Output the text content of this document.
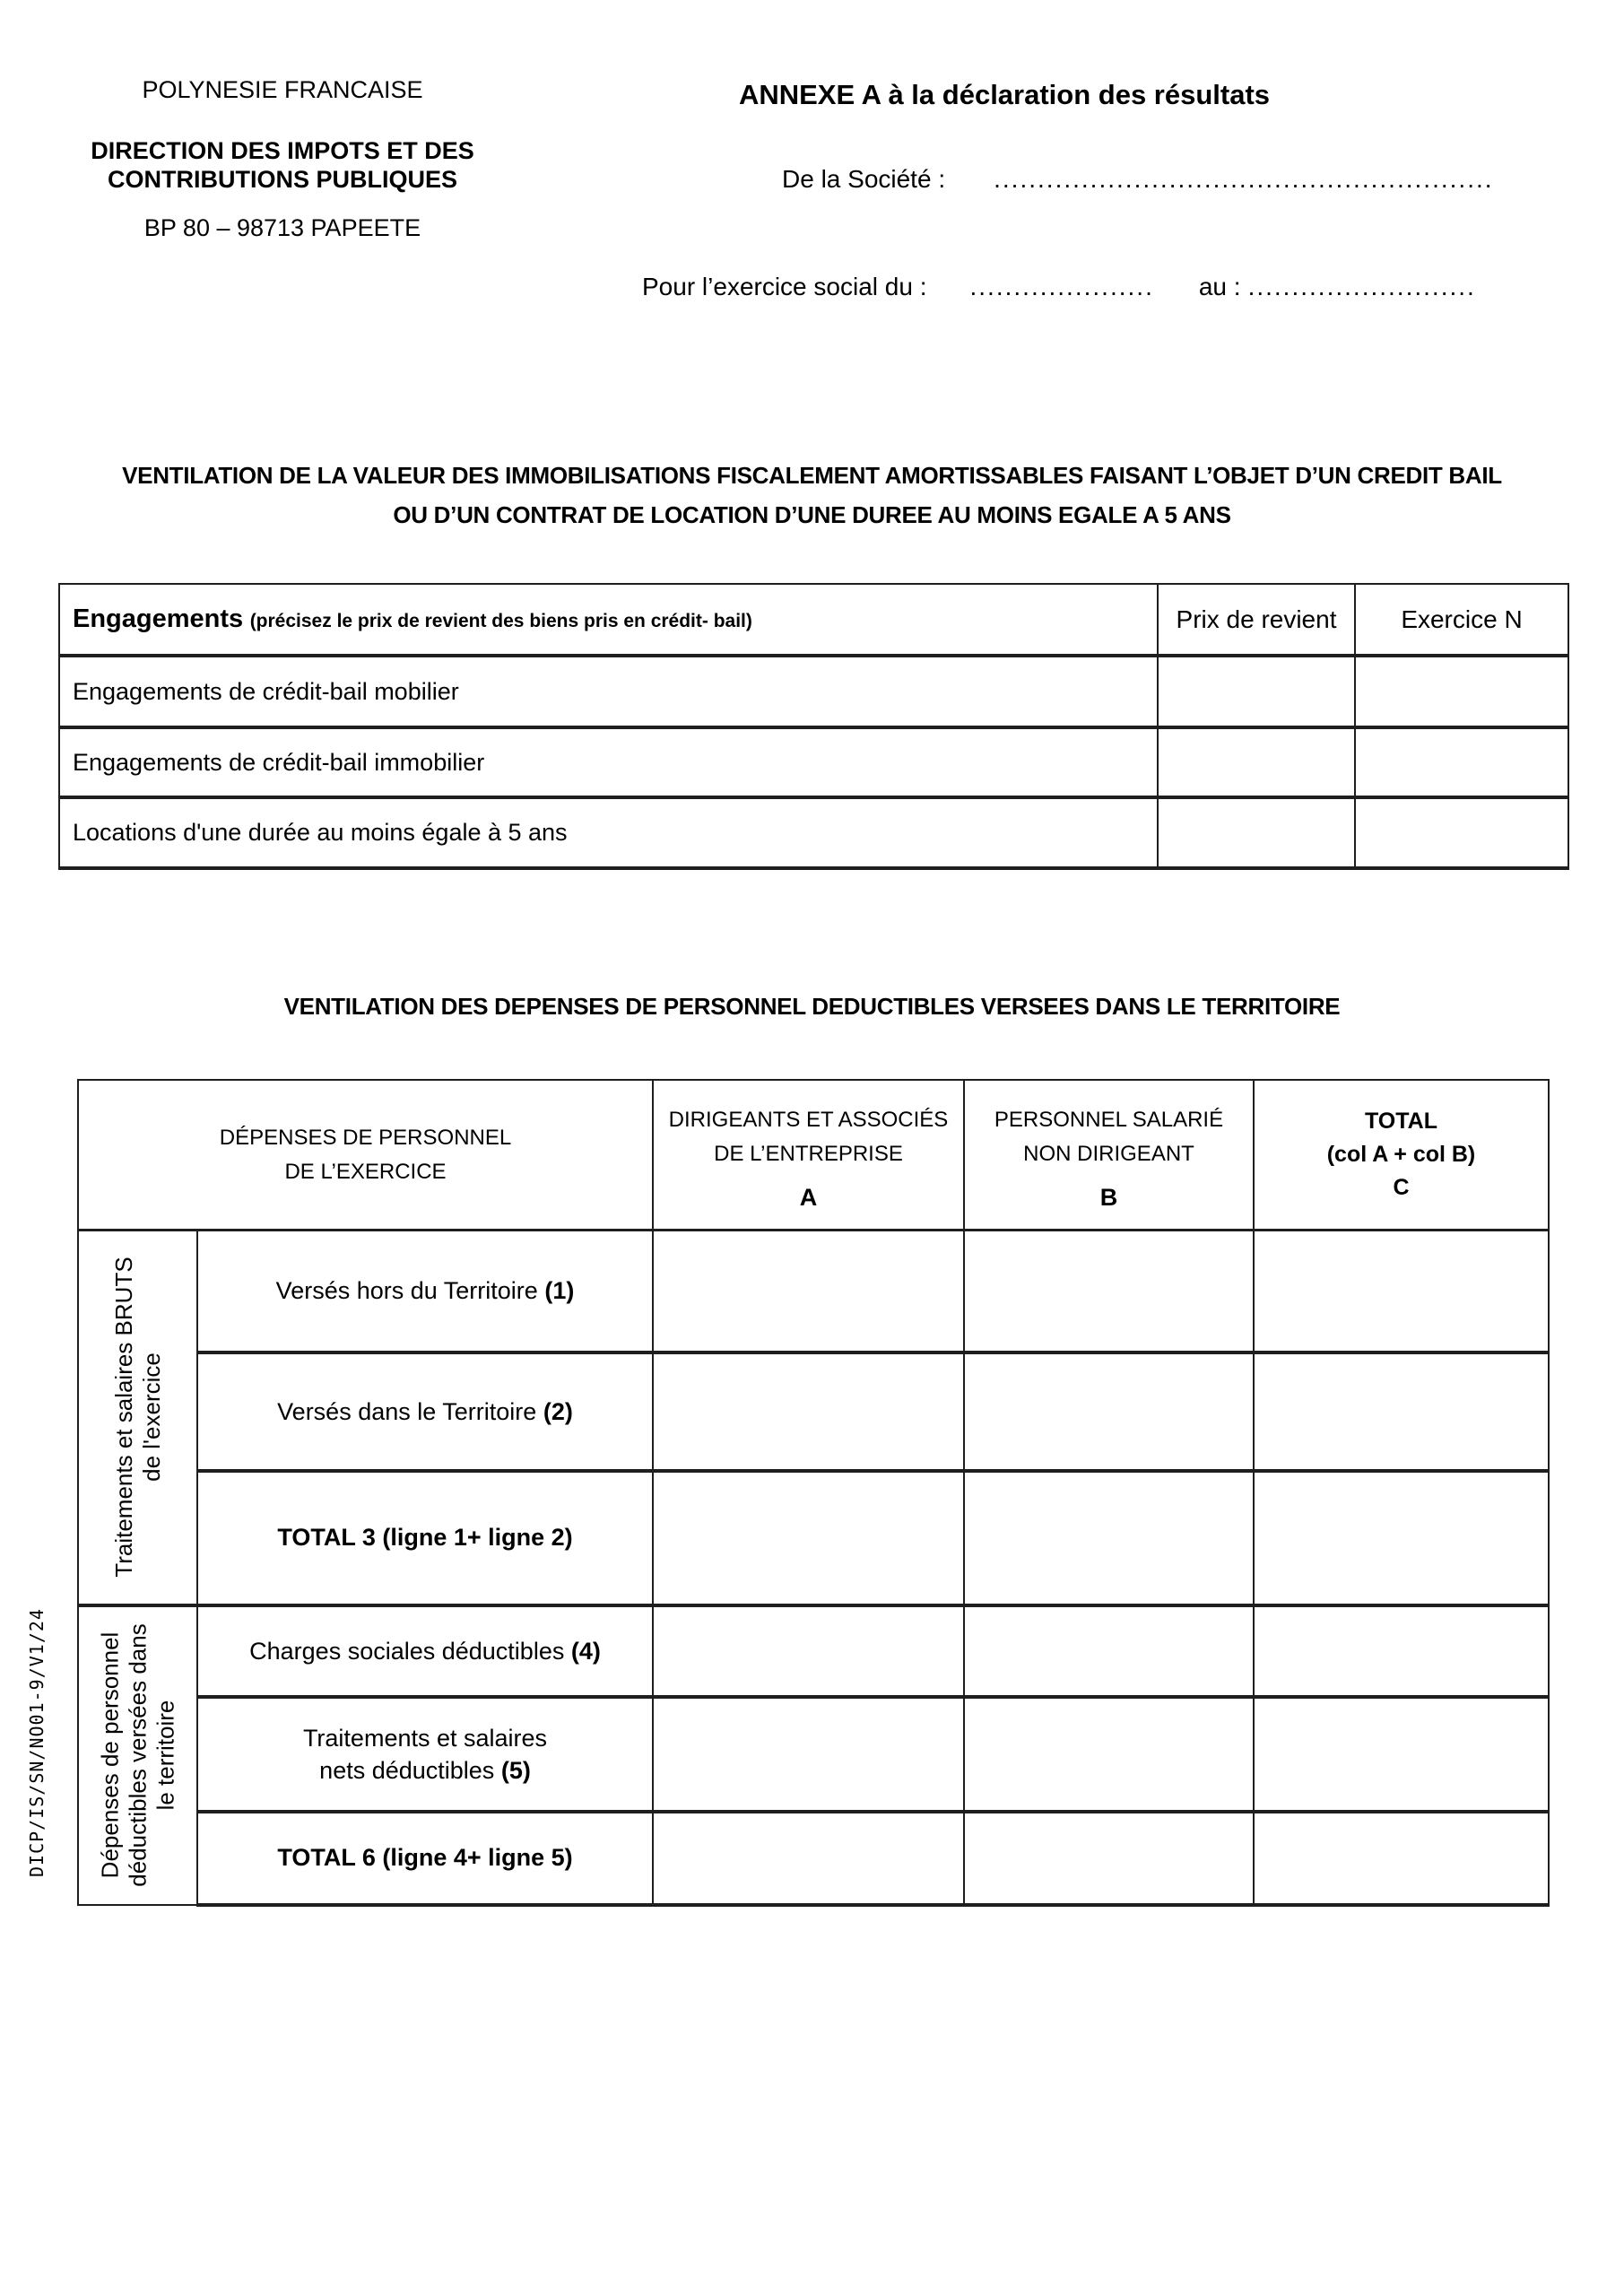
POLYNESIE FRANCAISE
DIRECTION DES IMPOTS ET DES
CONTRIBUTIONS PUBLIQUES
BP 80 – 98713 PAPEETE
ANNEXE A à la déclaration des résultats
De la Société : .........................................................
Pour l’exercice social du : ..................... au : ..........................
VENTILATION DE LA VALEUR DES IMMOBILISATIONS FISCALEMENT AMORTISSABLES FAISANT L’OBJET D’UN CREDIT BAIL
OU D’UN CONTRAT DE LOCATION D’UNE DUREE AU MOINS EGALE A 5 ANS
Engagements (précisez le prix de revient des biens pris en crédit- bail)	Prix de revient	Exercice N
Engagements de crédit-bail mobilier		
Engagements de crédit-bail immobilier		
Locations d'une durée au moins égale à 5 ans		
VENTILATION DES DEPENSES DE PERSONNEL DEDUCTIBLES VERSEES DANS LE TERRITOIRE
DÉPENSES DE PERSONNEL
DE L’EXERCICE

DIRIGEANTS ET ASSOCIÉS
DE L’ENTREPRISE
A

PERSONNEL SALARIÉ
NON DIRIGEANT
B

TOTAL
(col A + col B)
C

Traitements et salaires BRUTS de l'exercice	Versés hors du Territoire (1)			
	Versés dans le Territoire (2)			
	TOTAL 3 (ligne 1+ ligne 2)			

Dépenses de personnel déductibles versées dans le territoire	Charges sociales déductibles (4)			

	Traitements et salaires
nets déductibles (5)			

	TOTAL 6 (ligne 4+ ligne 5)			
DICP/IS/SN/NO01-9/V1/24
